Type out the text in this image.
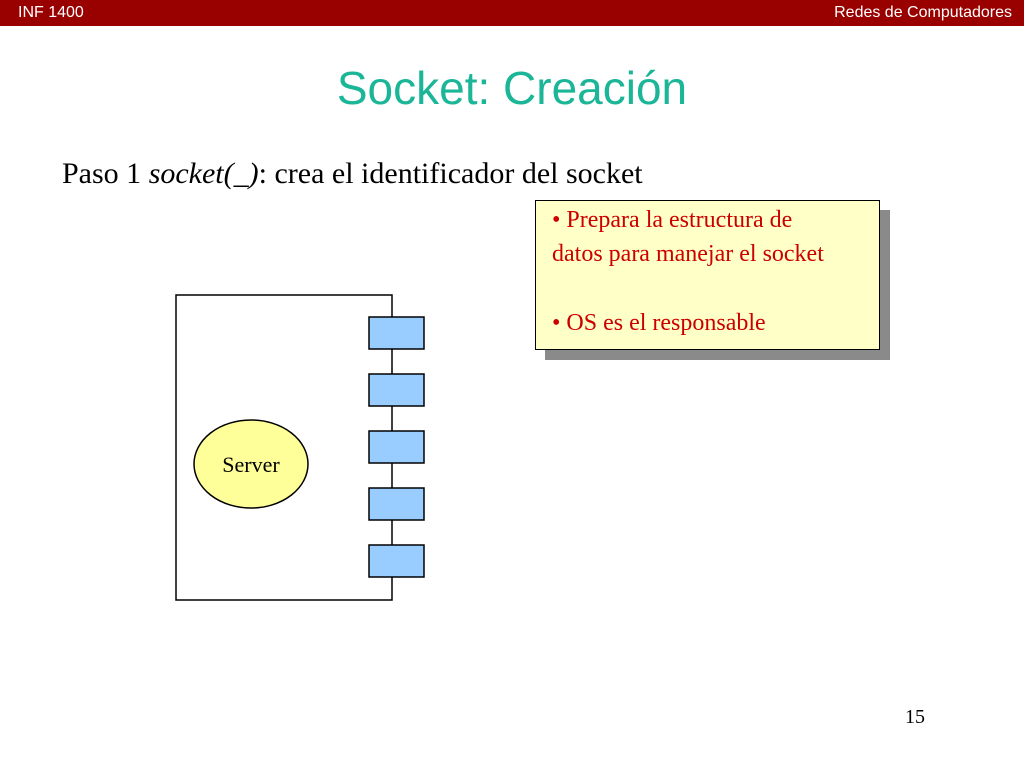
INF 1400	Redes de Computadores
Socket: Creación
Paso 1 socket(_): crea el identificador del socket
• Prepara la estructura de
datos para manejar el socket
• OS es el responsable
Server
15
